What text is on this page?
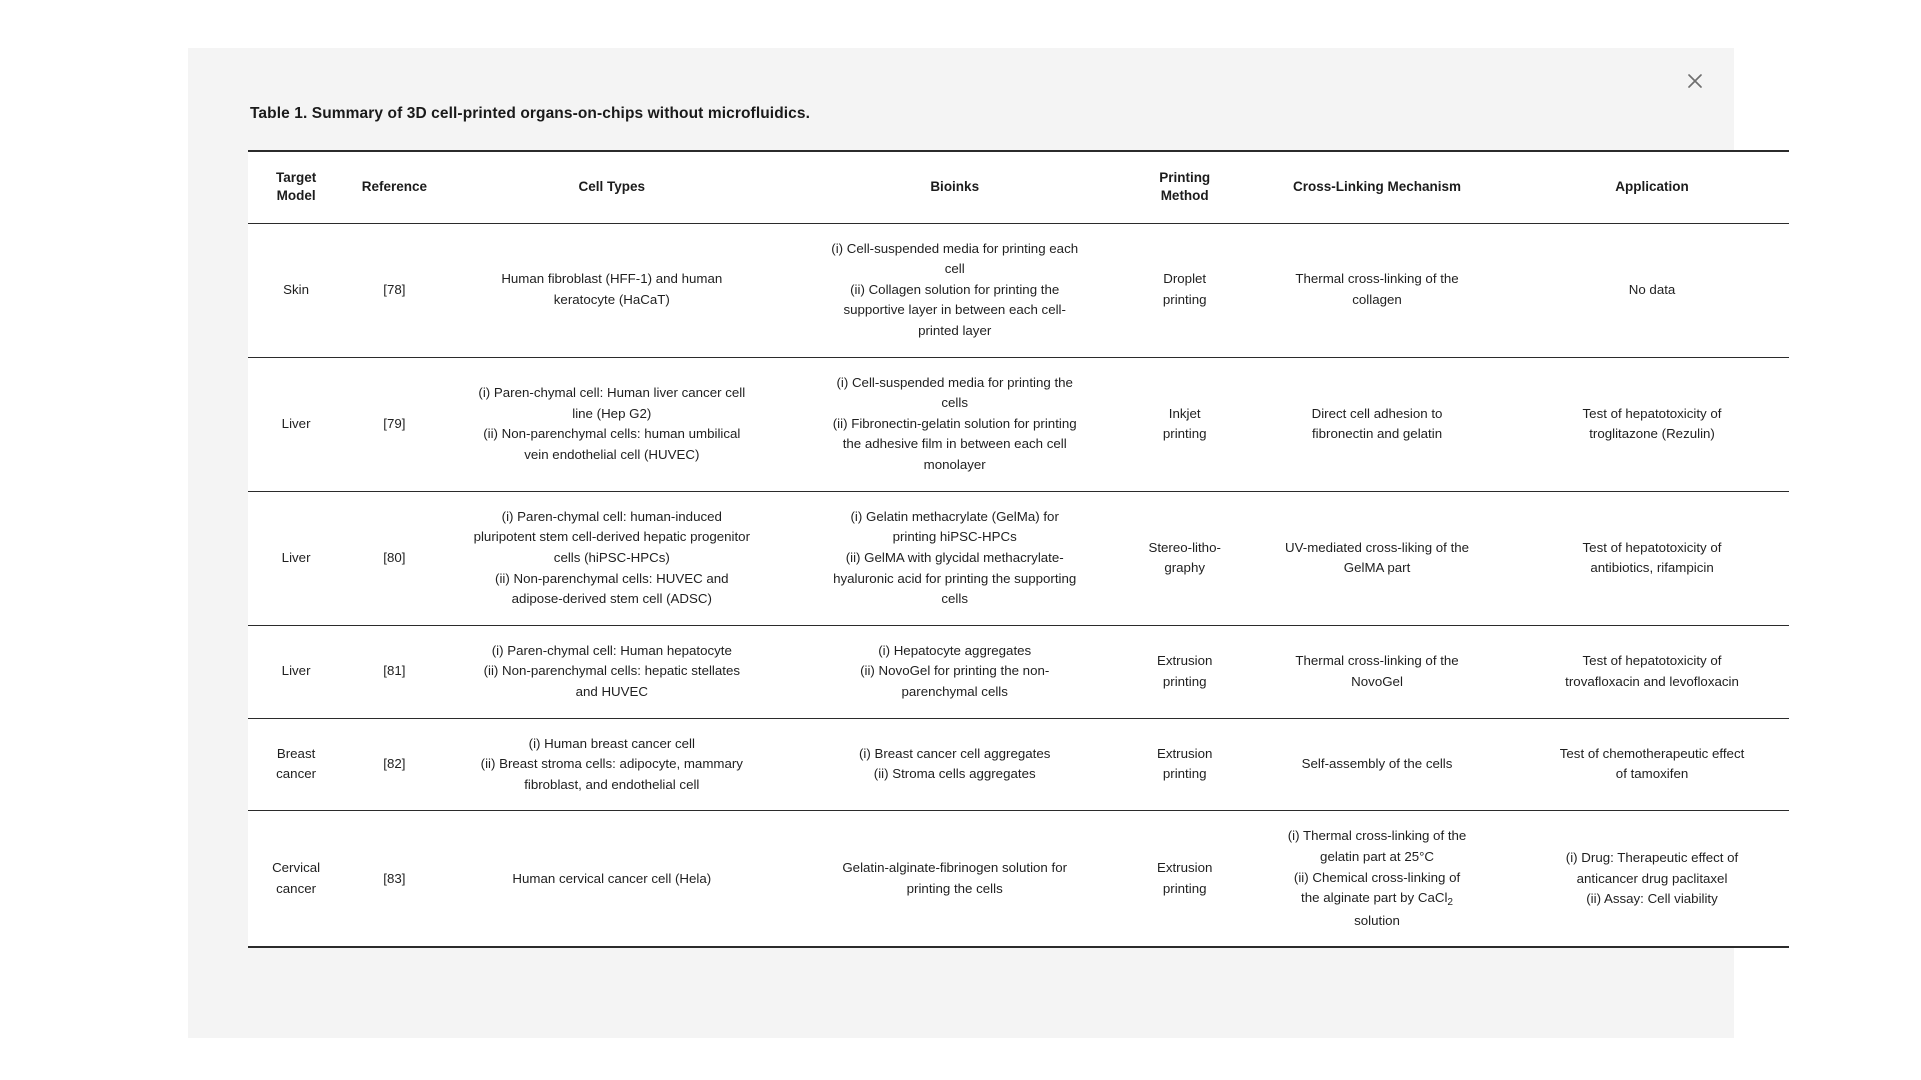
Table 1. Summary of 3D cell-printed organs-on-chips without microfluidics.
Target Model	Reference	Cell Types	Bioinks	Printing Method	Cross-Linking Mechanism	Application

Skin	[78]	Human fibroblast (HFF-1) and human
keratocyte (HaCaT)	(i) Cell-suspended media for printing each
cell
(ii) Collagen solution for printing the
supportive layer in between each cell-
printed layer	Droplet
printing	Thermal cross-linking of the
collagen	No data

Liver	[79]	(i) Paren-chymal cell: Human liver cancer cell
line (Hep G2)
(ii) Non-parenchymal cells: human umbilical
vein endothelial cell (HUVEC)	(i) Cell-suspended media for printing the
cells
(ii) Fibronectin-gelatin solution for printing
the adhesive film in between each cell
monolayer	Inkjet
printing	Direct cell adhesion to
fibronectin and gelatin	Test of hepatotoxicity of
troglitazone (Rezulin)

Liver	[80]	(i) Paren-chymal cell: human-induced
pluripotent stem cell-derived hepatic progenitor
cells (hiPSC-HPCs)
(ii) Non-parenchymal cells: HUVEC and
adipose-derived stem cell (ADSC)	(i) Gelatin methacrylate (GelMa) for
printing hiPSC-HPCs
(ii) GelMA with glycidal methacrylate-
hyaluronic acid for printing the supporting
cells	Stereo-litho-
graphy	UV-mediated cross-liking of the
GelMA part	Test of hepatotoxicity of
antibiotics, rifampicin

Liver	[81]	(i) Paren-chymal cell: Human hepatocyte
(ii) Non-parenchymal cells: hepatic stellates
and HUVEC	(i) Hepatocyte aggregates
(ii) NovoGel for printing the non-
parenchymal cells	Extrusion
printing	Thermal cross-linking of the
NovoGel	Test of hepatotoxicity of
trovafloxacin and levofloxacin

Breast
cancer	[82]	(i) Human breast cancer cell
(ii) Breast stroma cells: adipocyte, mammary
fibroblast, and endothelial cell	(i) Breast cancer cell aggregates
(ii) Stroma cells aggregates	Extrusion
printing	Self-assembly of the cells	Test of chemotherapeutic effect
of tamoxifen

Cervical
cancer	[83]	Human cervical cancer cell (Hela)	Gelatin-alginate-fibrinogen solution for
printing the cells	Extrusion
printing	(i) Thermal cross-linking of the
gelatin part at 25°C
(ii) Chemical cross-linking of
the alginate part by CaCl$_2$
solution	(i) Drug: Therapeutic effect of
anticancer drug paclitaxel
(ii) Assay: Cell viability
